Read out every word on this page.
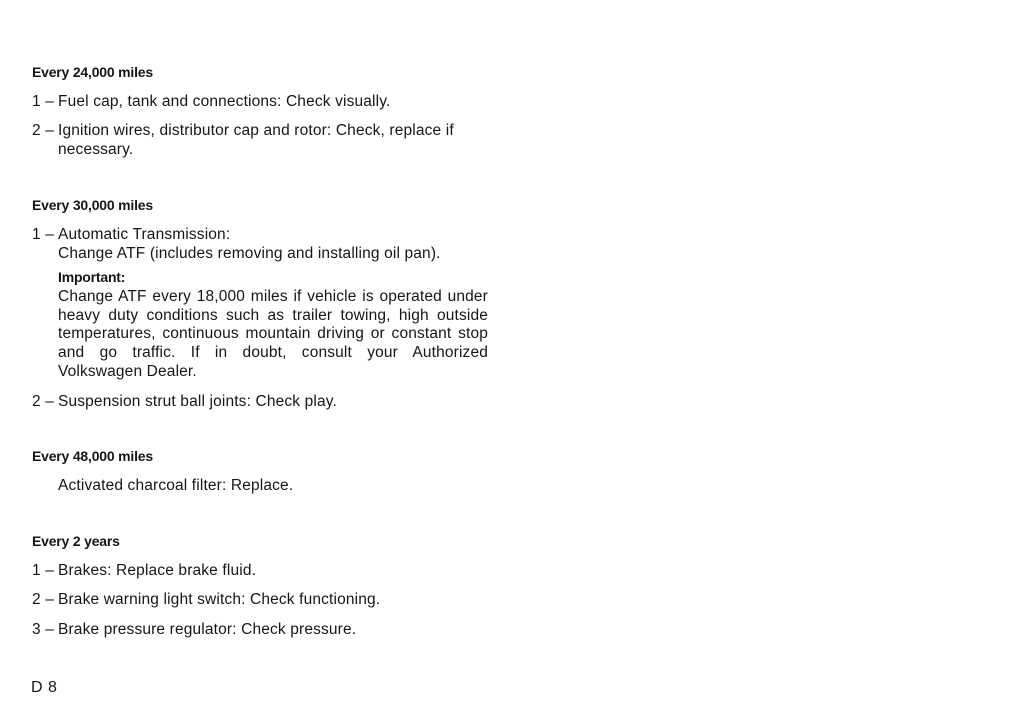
Every 24,000 miles
1 – Fuel cap, tank and connections: Check visually.
2 – Ignition wires, distributor cap and rotor: Check, replace if
necessary.
Every 30,000 miles
1 – Automatic Transmission:
Change ATF (includes removing and installing oil pan).
Important:
Change ATF every 18,000 miles if vehicle is operated under heavy duty conditions such as trailer towing, high outside temperatures, continuous mountain driving or constant stop and go traffic. If in doubt, consult your Authorized Volkswagen Dealer.
2 – Suspension strut ball joints: Check play.
Every 48,000 miles
Activated charcoal filter: Replace.
Every 2 years
1 – Brakes: Replace brake fluid.
2 – Brake warning light switch: Check functioning.
3 – Brake pressure regulator: Check pressure.
D 8
